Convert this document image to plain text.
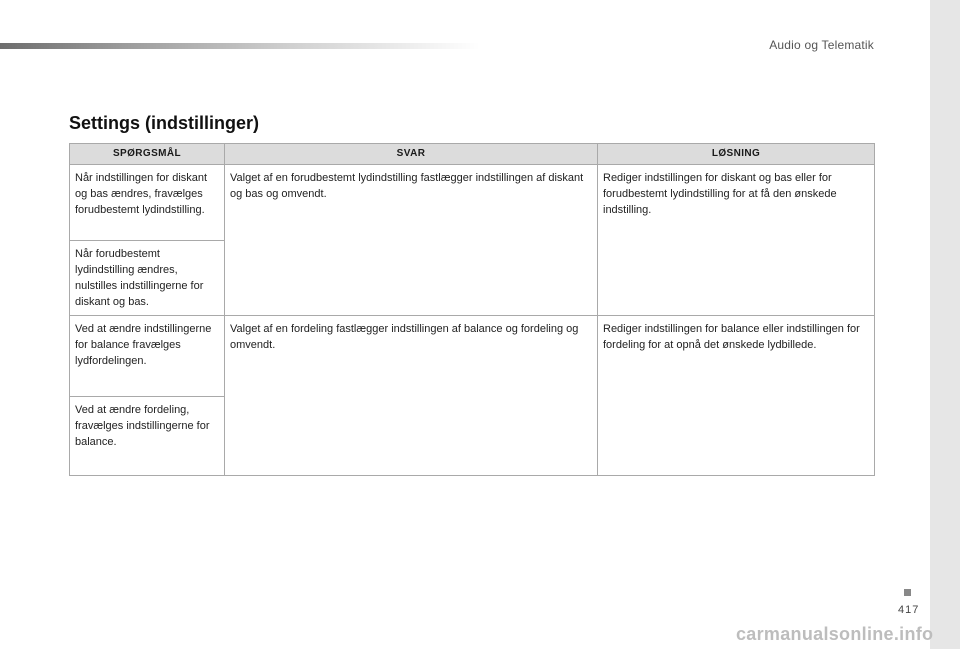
Audio og Telematik
Settings (indstillinger)
SPØRGSMÅL	SVAR	LØSNING
Når indstillingen for diskant og bas ændres, fravælges forudbestemt lydindstilling.	Valget af en forudbestemt lydindstilling fastlægger indstillingen af diskant og bas og omvendt.	Rediger indstillingen for diskant og bas eller for forudbestemt lydindstilling for at få den ønskede indstilling.
Når forudbestemt lydindstilling ændres, nulstilles indstillingerne for diskant og bas.		
Ved at ændre indstillingerne for balance fravælges lydfordelingen.	Valget af en fordeling fastlægger indstillingen af balance og fordeling og omvendt.	Rediger indstillingen for balance eller indstillingen for fordeling for at opnå det ønskede lydbillede.
Ved at ændre fordeling, fravælges indstillingerne for balance.		
417
carmanualsonline.info
